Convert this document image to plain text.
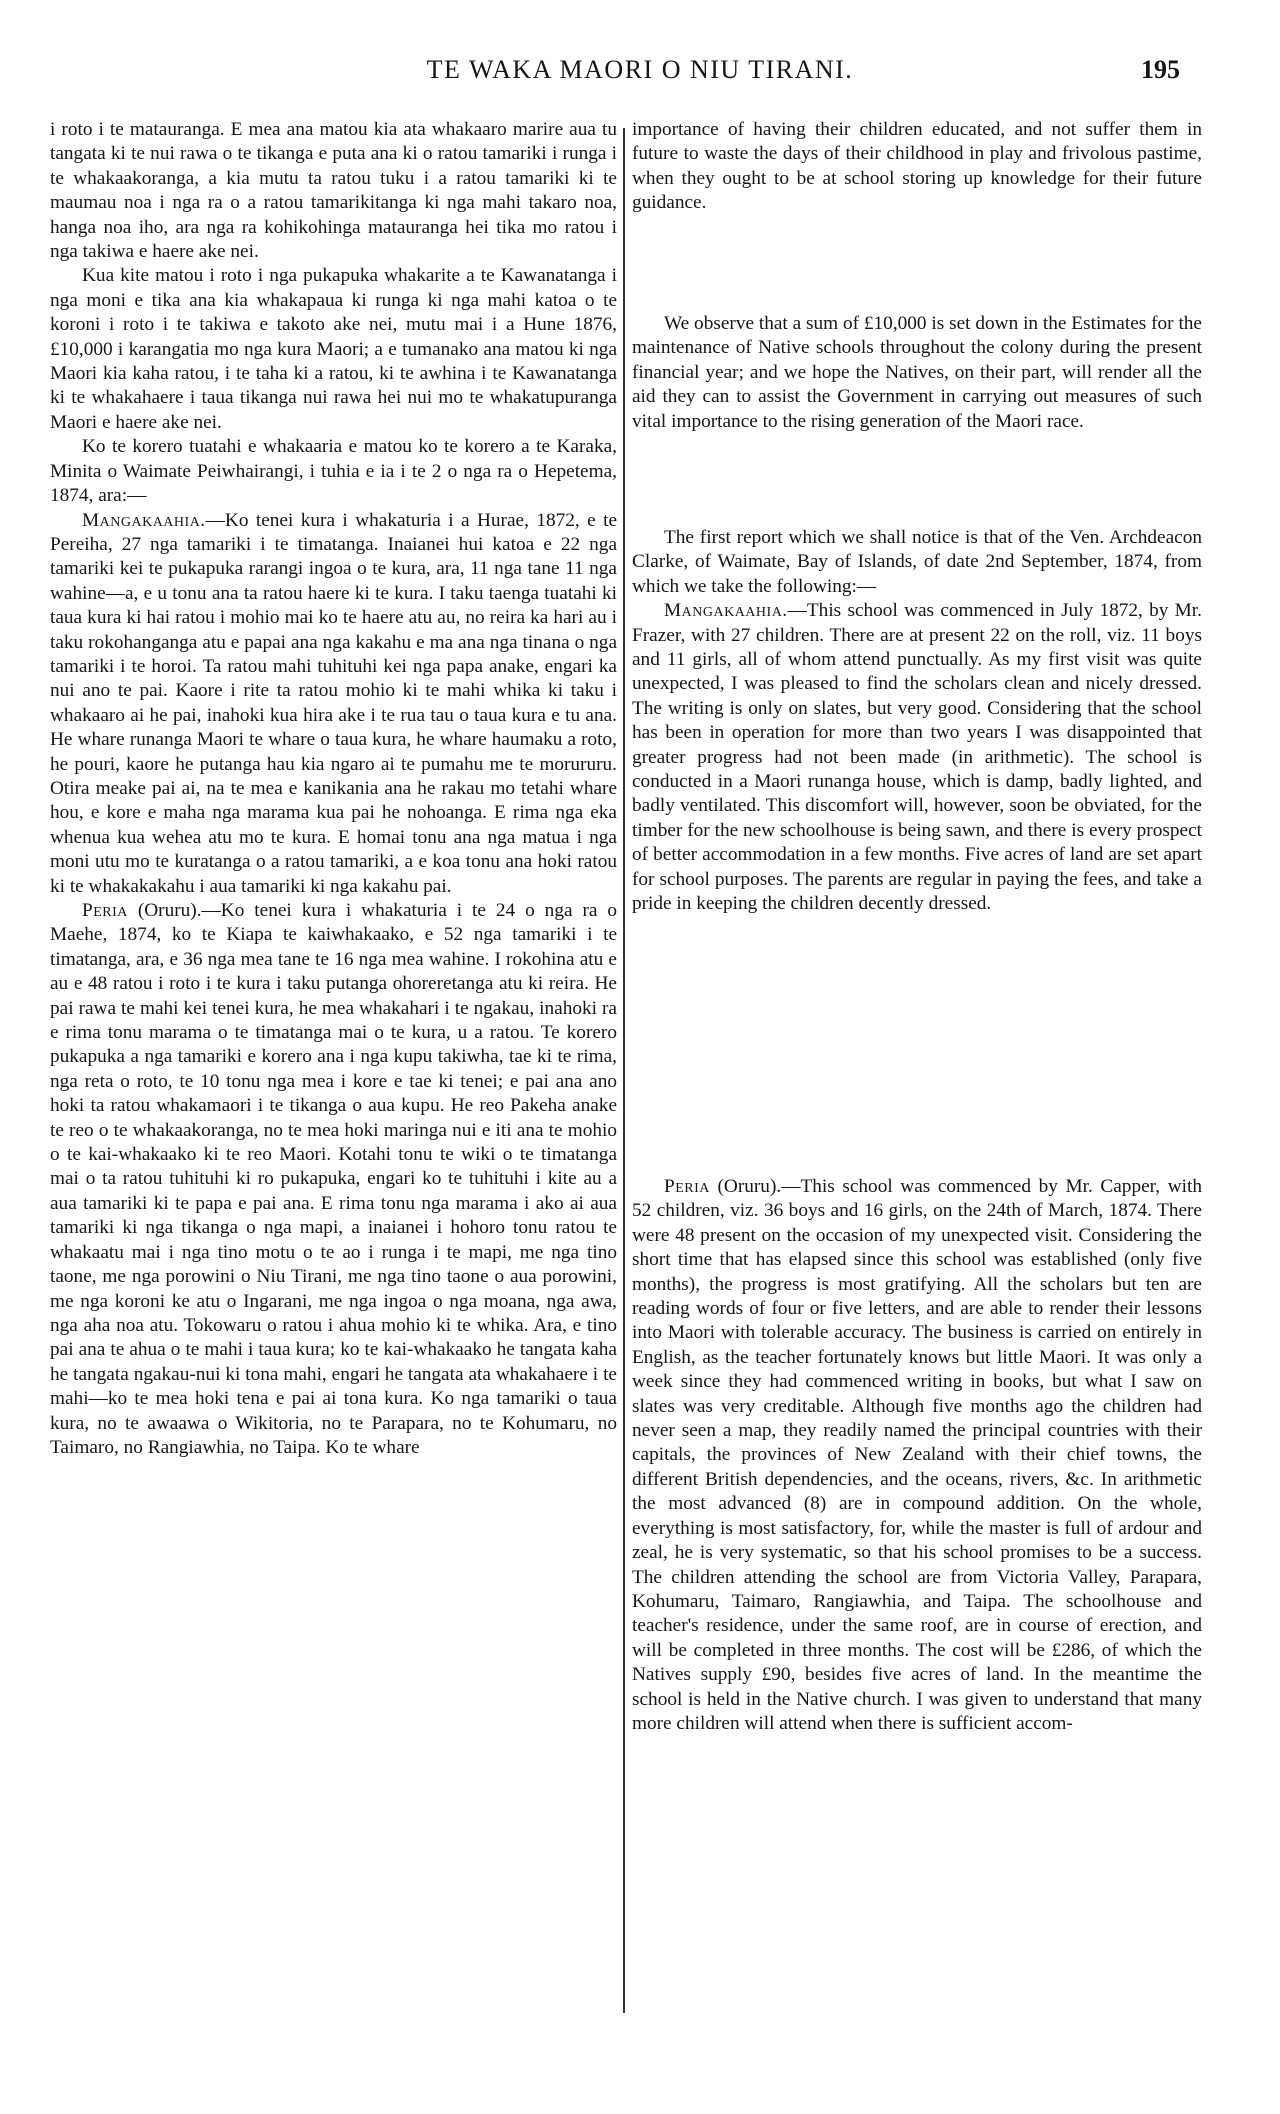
TE WAKA MAORI O NIU TIRANI.	195

i roto i te matauranga. E mea ana matou kia ata whakaaro marire aua tu tangata ki te nui rawa o te tikanga e puta ana ki o ratou tamariki i runga i te whakaakoranga, a kia mutu ta ratou tuku i a ratou tamariki ki te maumau noa i nga ra o a ratou tamarikitanga ki nga mahi takaro noa, hanga noa iho, ara nga ra kohikohinga matauranga hei tika mo ratou i nga takiwa e haere ake nei.

Kua kite matou i roto i nga pukapuka whakarite a te Kawanatanga i nga moni e tika ana kia whakapaua ki runga ki nga mahi katoa o te koroni i roto i te takiwa e takoto ake nei, mutu mai i a Hune 1876, £10,000 i karangatia mo nga kura Maori; a e tumanako ana matou ki nga Maori kia kaha ratou, i te taha ki a ratou, ki te awhina i te Kawanatanga ki te whakahaere i taua tikanga nui rawa hei nui mo te whakatupuranga Maori e haere ake nei.

Ko te korero tuatahi e whakaaria e matou ko te korero a te Karaka, Minita o Waimate Peiwhairangi, i tuhia e ia i te 2 o nga ra o Hepetema, 1874, ara:—

Mangakaahia.—Ko tenei kura i whakaturia i a Hurae, 1872, e te Pereiha, 27 nga tamariki i te timatanga. Inaianei hui katoa e 22 nga tamariki kei te pukapuka rarangi ingoa o te kura, ara, 11 nga tane 11 nga wahine—a, e u tonu ana ta ratou haere ki te kura. I taku taenga tuatahi ki taua kura ki hai ratou i mohio mai ko te haere atu au, no reira ka hari au i taku rokohanganga atu e papai ana nga kakahu e ma ana nga tinana o nga tamariki i te horoi. Ta ratou mahi tuhituhi kei nga papa anake, engari ka nui ano te pai. Kaore i rite ta ratou mohio ki te mahi whika ki taku i whakaaro ai he pai, inahoki kua hira ake i te rua tau o taua kura e tu ana. He whare runanga Maori te whare o taua kura, he whare haumaku a roto, he pouri, kaore he putanga hau kia ngaro ai te pumahu me te morururu. Otira meake pai ai, na te mea e kanikania ana he rakau mo tetahi whare hou, e kore e maha nga marama kua pai he nohoanga. E rima nga eka whenua kua wehea atu mo te kura. E homai tonu ana nga matua i nga moni utu mo te kuratanga o a ratou tamariki, a e koa tonu ana hoki ratou ki te whakakakahu i aua tamariki ki nga kakahu pai.

Peria (Oruru).—Ko tenei kura i whakaturia i te 24 o nga ra o Maehe, 1874, ko te Kiapa te kaiwhakaako, e 52 nga tamariki i te timatanga, ara, e 36 nga mea tane te 16 nga mea wahine. I rokohina atu e au e 48 ratou i roto i te kura i taku putanga ohoreretanga atu ki reira. He pai rawa te mahi kei tenei kura, he mea whakahari i te ngakau, inahoki ra e rima tonu marama o te timatanga mai o te kura, u a ratou. Te korero pukapuka a nga tamariki e korero ana i nga kupu takiwha, tae ki te rima, nga reta o roto, te 10 tonu nga mea i kore e tae ki tenei; e pai ana ano hoki ta ratou whakamaori i te tikanga o aua kupu. He reo Pakeha anake te reo o te whakaakoranga, no te mea hoki maringa nui e iti ana te mohio o te kai-whakaako ki te reo Maori. Kotahi tonu te wiki o te timatanga mai o ta ratou tuhituhi ki ro pukapuka, engari ko te tuhituhi i kite au a aua tamariki ki te papa e pai ana. E rima tonu nga marama i ako ai aua tamariki ki nga tikanga o nga mapi, a inaianei i hohoro tonu ratou te whakaatu mai i nga tino motu o te ao i runga i te mapi, me nga tino taone, me nga porowini o Niu Tirani, me nga tino taone o aua porowini, me nga koroni ke atu o Ingarani, me nga ingoa o nga moana, nga awa, nga aha noa atu. Tokowaru o ratou i ahua mohio ki te whika. Ara, e tino pai ana te ahua o te mahi i taua kura; ko te kai-whakaako he tangata kaha he tangata ngakau-nui ki tona mahi, engari he tangata ata whakahaere i te mahi—ko te mea hoki tena e pai ai tona kura. Ko nga tamariki o taua kura, no te awaawa o Wikitoria, no te Parapara, no te Kohumaru, no Taimaro, no Rangiawhia, no Taipa. Ko te whare

importance of having their children educated, and not suffer them in future to waste the days of their childhood in play and frivolous pastime, when they ought to be at school storing up knowledge for their future guidance.

We observe that a sum of £10,000 is set down in the Estimates for the maintenance of Native schools throughout the colony during the present financial year; and we hope the Natives, on their part, will render all the aid they can to assist the Government in carrying out measures of such vital importance to the rising generation of the Maori race.

The first report which we shall notice is that of the Ven. Archdeacon Clarke, of Waimate, Bay of Islands, of date 2nd September, 1874, from which we take the following:—

Mangakaahia.—This school was commenced in July 1872, by Mr. Frazer, with 27 children. There are at present 22 on the roll, viz. 11 boys and 11 girls, all of whom attend punctually. As my first visit was quite unexpected, I was pleased to find the scholars clean and nicely dressed. The writing is only on slates, but very good. Considering that the school has been in operation for more than two years I was disappointed that greater progress had not been made (in arithmetic). The school is conducted in a Maori runanga house, which is damp, badly lighted, and badly ventilated. This discomfort will, however, soon be obviated, for the timber for the new schoolhouse is being sawn, and there is every prospect of better accommodation in a few months. Five acres of land are set apart for school purposes. The parents are regular in paying the fees, and take a pride in keeping the children decently dressed.

Peria (Oruru).—This school was commenced by Mr. Capper, with 52 children, viz. 36 boys and 16 girls, on the 24th of March, 1874. There were 48 present on the occasion of my unexpected visit. Considering the short time that has elapsed since this school was established (only five months), the progress is most gratifying. All the scholars but ten are reading words of four or five letters, and are able to render their lessons into Maori with tolerable accuracy. The business is carried on entirely in English, as the teacher fortunately knows but little Maori. It was only a week since they had commenced writing in books, but what I saw on slates was very creditable. Although five months ago the children had never seen a map, they readily named the principal countries with their capitals, the provinces of New Zealand with their chief towns, the different British dependencies, and the oceans, rivers, &c. In arithmetic the most advanced (8) are in compound addition. On the whole, everything is most satisfactory, for, while the master is full of ardour and zeal, he is very systematic, so that his school promises to be a success. The children attending the school are from Victoria Valley, Parapara, Kohumaru, Taimaro, Rangiawhia, and Taipa. The schoolhouse and teacher's residence, under the same roof, are in course of erection, and will be completed in three months. The cost will be £286, of which the Natives supply £90, besides five acres of land. In the meantime the school is held in the Native church. I was given to understand that many more children will attend when there is sufficient accom-
